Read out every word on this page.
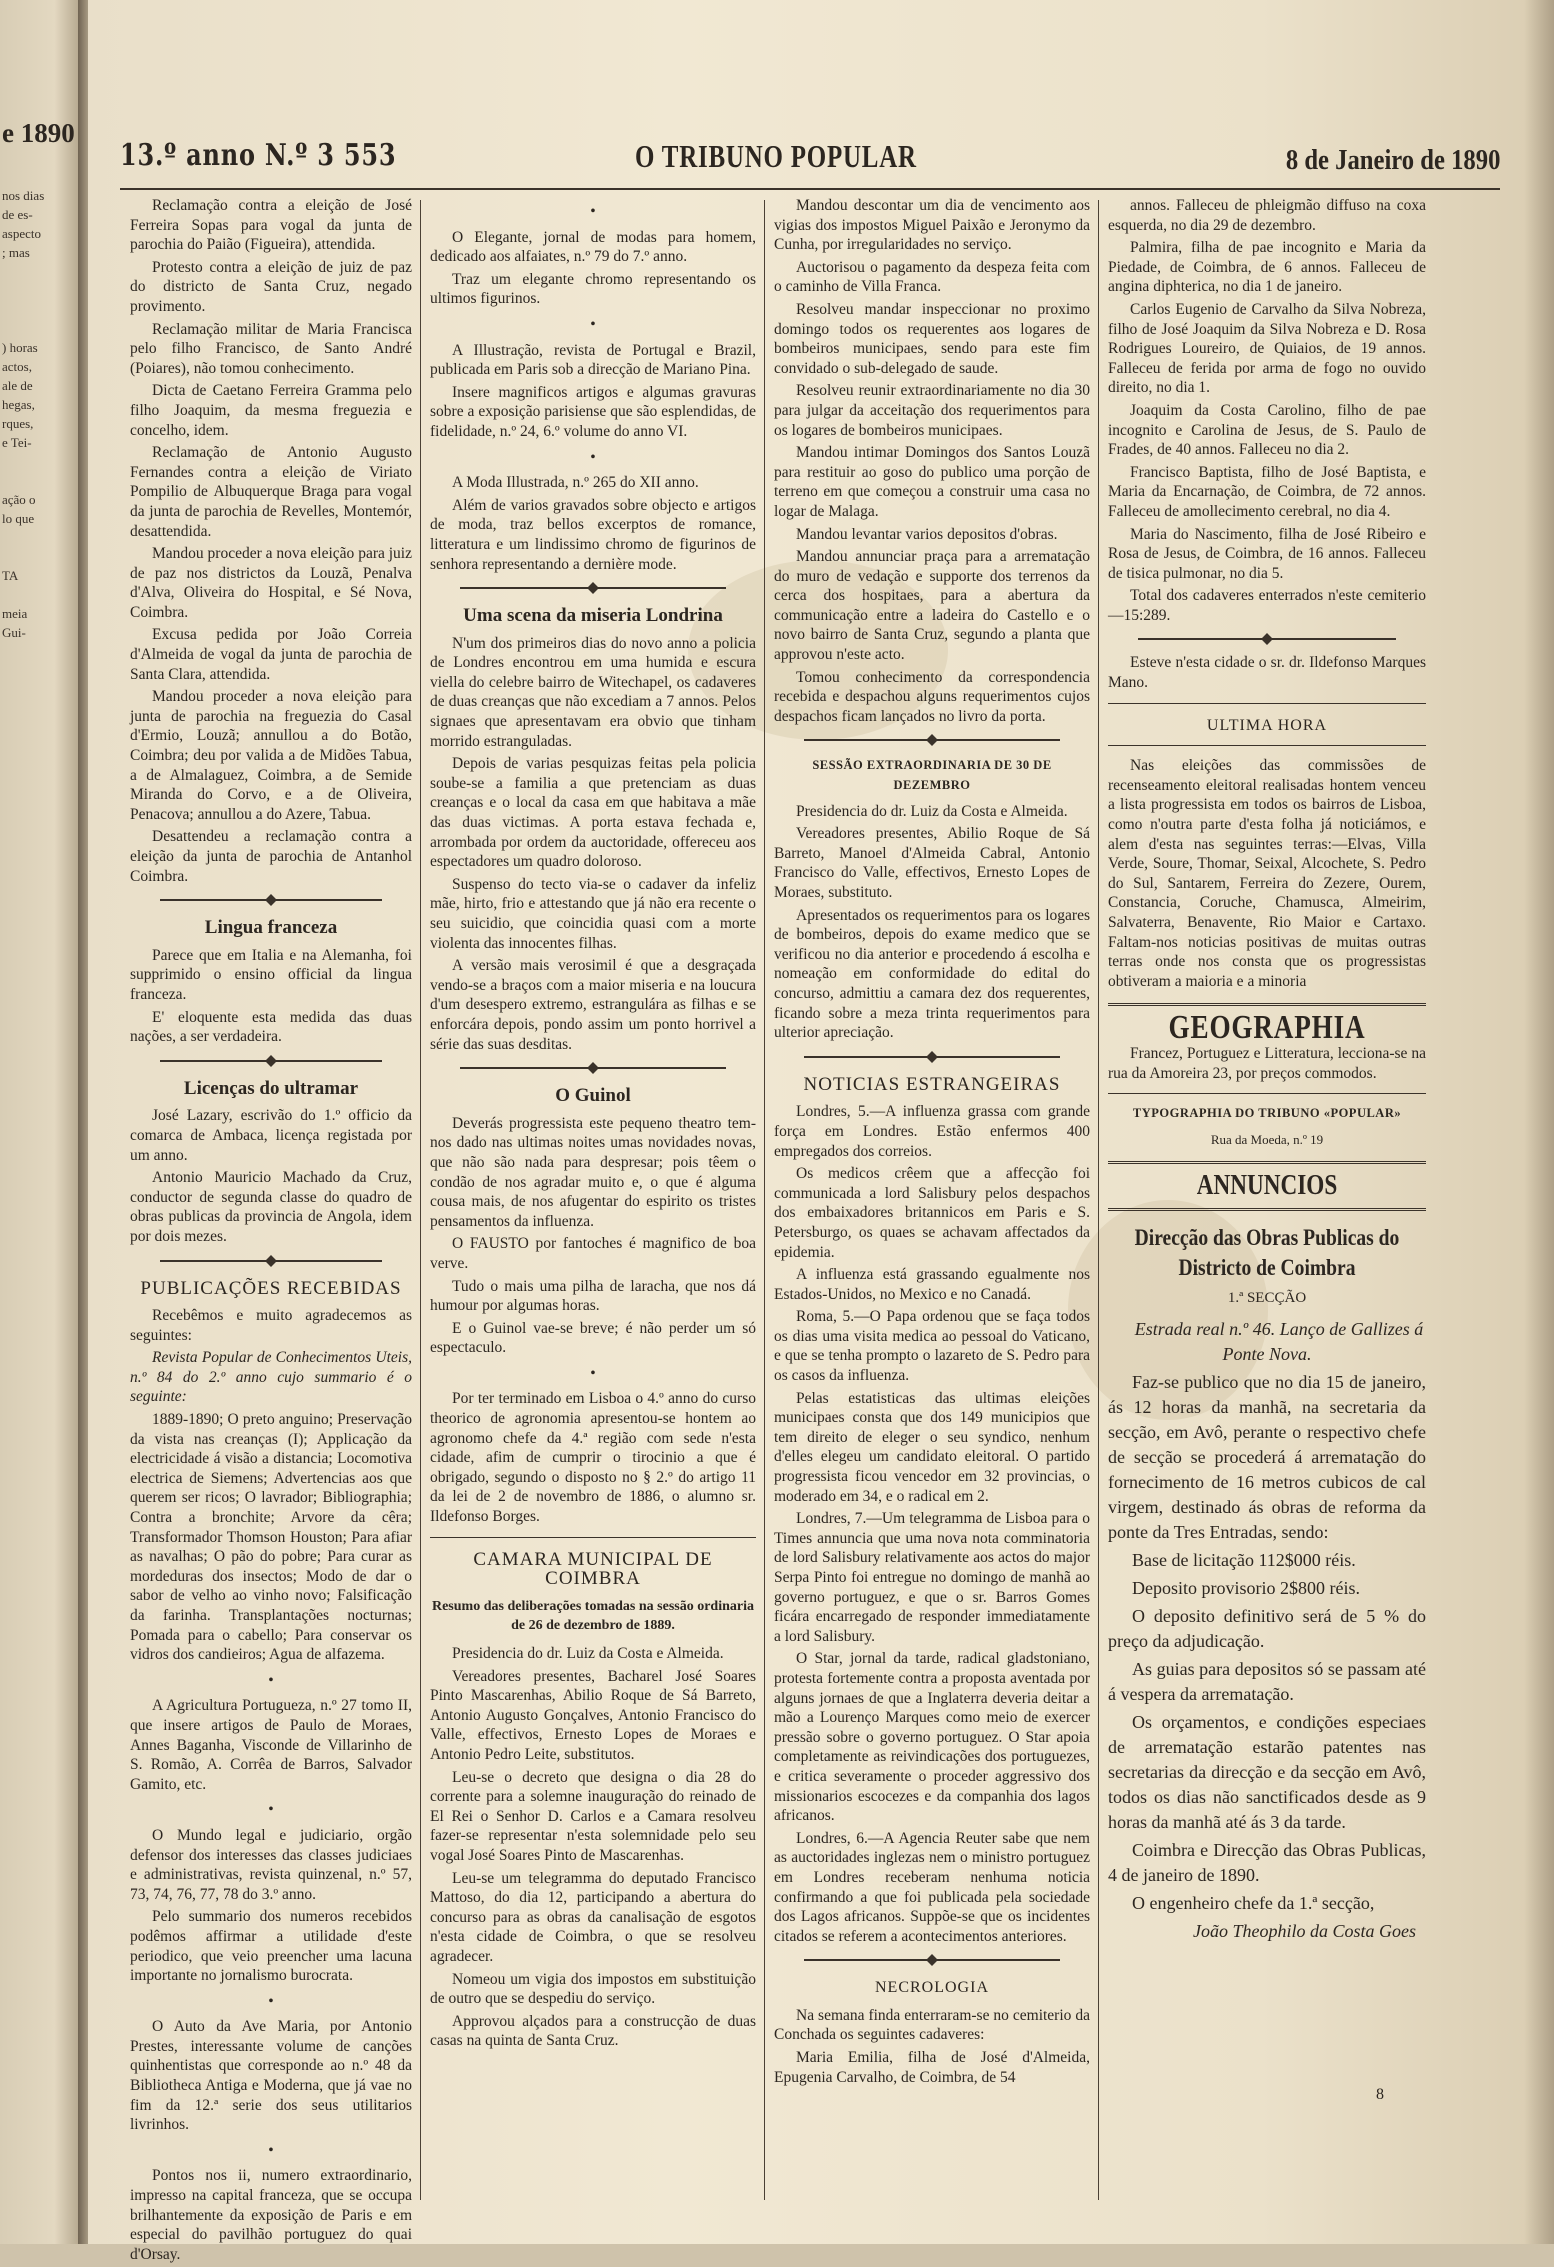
e 1890
nos dias
de es-
aspecto
; mas
) horas
actos,
ale de
hegas,
rques,
e Tei-
ação o
lo que
TA
meia
Gui-
13.º anno N.º 3 553	O TRIBUNO POPULAR	8 de Janeiro de 1890

Reclamação contra a eleição de José Ferreira Sopas para vogal da junta de parochia do Paião (Figueira), attendida.

Protesto contra a eleição de juiz de paz do districto de Santa Cruz, negado provimento.

Reclamação militar de Maria Francisca pelo filho Francisco, de Santo André (Poiares), não tomou conhecimento.

Dicta de Caetano Ferreira Gramma pelo filho Joaquim, da mesma freguezia e concelho, idem.

Reclamação de Antonio Augusto Fernandes contra a eleição de Viriato Pompilio de Albuquerque Braga para vogal da junta de parochia de Revelles, Montemór, desattendida.

Mandou proceder a nova eleição para juiz de paz nos districtos da Louzã, Penalva d'Alva, Oliveira do Hospital, e Sé Nova, Coimbra.

Excusa pedida por João Correia d'Almeida de vogal da junta de parochia de Santa Clara, attendida.

Mandou proceder a nova eleição para junta de parochia na freguezia do Casal d'Ermio, Louzã; annullou a do Botão, Coimbra; deu por valida a de Midões Tabua, a de Almalaguez, Coimbra, a de Semide Miranda do Corvo, e a de Oliveira, Penacova; annullou a do Azere, Tabua.

Desattendeu a reclamação contra a eleição da junta de parochia de Antanhol Coimbra.

Lingua franceza

Parece que em Italia e na Alemanha, foi supprimido o ensino official da lingua franceza.

E' eloquente esta medida das duas nações, a ser verdadeira.

Licenças do ultramar

José Lazary, escrivão do 1.º officio da comarca de Ambaca, licença registada por um anno.

Antonio Mauricio Machado da Cruz, conductor de segunda classe do quadro de obras publicas da provincia de Angola, idem por dois mezes.

PUBLICAÇÕES RECEBIDAS

Recebêmos e muito agradecemos as seguintes:

Revista Popular de Conhecimentos Uteis, n.º 84 do 2.º anno cujo summario é o seguinte:

1889-1890; O preto anguino; Preservação da vista nas creanças (I); Applicação da electricidade á visão a distancia; Locomotiva electrica de Siemens; Advertencias aos que querem ser ricos; O lavrador; Bibliographia; Contra a bronchite; Arvore da cêra; Transformador Thomson Houston; Para afiar as navalhas; O pão do pobre; Para curar as mordeduras dos insectos; Modo de dar o sabor de velho ao vinho novo; Falsificação da farinha. Transplantações nocturnas; Pomada para o cabello; Para conservar os vidros dos candieiros; Agua de alfazema.

•

A Agricultura Portugueza, n.º 27 tomo II, que insere artigos de Paulo de Moraes, Annes Baganha, Visconde de Villarinho de S. Romão, A. Corrêa de Barros, Salvador Gamito, etc.

•

O Mundo legal e judiciario, orgão defensor dos interesses das classes judiciaes e administrativas, revista quinzenal, n.º 57, 73, 74, 76, 77, 78 do 3.º anno.

Pelo summario dos numeros recebidos podêmos affirmar a utilidade d'este periodico, que veio preencher uma lacuna importante no jornalismo burocrata.

•

O Auto da Ave Maria, por Antonio Prestes, interessante volume de canções quinhentistas que corresponde ao n.º 48 da Bibliotheca Antiga e Moderna, que já vae no fim da 12.ª serie dos seus utilitarios livrinhos.

•

Pontos nos ii, numero extraordinario, impresso na capital franceza, que se occupa brilhantemente da exposição de Paris e em especial do pavilhão portuguez do quai d'Orsay.

•

O Elegante, jornal de modas para homem, dedicado aos alfaiates, n.º 79 do 7.º anno.

Traz um elegante chromo representando os ultimos figurinos.

•

A Illustração, revista de Portugal e Brazil, publicada em Paris sob a direcção de Mariano Pina.

Insere magnificos artigos e algumas gravuras sobre a exposição parisiense que são esplendidas, de fidelidade, n.º 24, 6.º volume do anno VI.

•

A Moda Illustrada, n.º 265 do XII anno.

Além de varios gravados sobre objecto e artigos de moda, traz bellos excerptos de romance, litteratura e um lindissimo chromo de figurinos de senhora representando a dernière mode.

Uma scena da miseria Londrina

N'um dos primeiros dias do novo anno a policia de Londres encontrou em uma humida e escura viella do celebre bairro de Witechapel, os cadaveres de duas creanças que não excediam a 7 annos. Pelos signaes que apresentavam era obvio que tinham morrido estranguladas.

Depois de varias pesquizas feitas pela policia soube-se a familia a que pretenciam as duas creanças e o local da casa em que habitava a mãe das duas victimas. A porta estava fechada e, arrombada por ordem da auctoridade, offereceu aos espectadores um quadro doloroso.

Suspenso do tecto via-se o cadaver da infeliz mãe, hirto, frio e attestando que já não era recente o seu suicidio, que coincidia quasi com a morte violenta das innocentes filhas.

A versão mais verosimil é que a desgraçada vendo-se a braços com a maior miseria e na loucura d'um desespero extremo, estrangulára as filhas e se enforcára depois, pondo assim um ponto horrivel a série das suas desditas.

O Guinol

Deverás progressista este pequeno theatro tem-nos dado nas ultimas noites umas novidades novas, que não são nada para despresar; pois têem o condão de nos agradar muito e, o que é alguma cousa mais, de nos afugentar do espirito os tristes pensamentos da influenza.

O FAUSTO por fantoches é magnifico de boa verve.

Tudo o mais uma pilha de laracha, que nos dá humour por algumas horas.

E o Guinol vae-se breve; é não perder um só espectaculo.

•

Por ter terminado em Lisboa o 4.º anno do curso theorico de agronomia apresentou-se hontem ao agronomo chefe da 4.ª região com sede n'esta cidade, afim de cumprir o tirocinio a que é obrigado, segundo o disposto no § 2.º do artigo 11 da lei de 2 de novembro de 1886, o alumno sr. Ildefonso Borges.

CAMARA MUNICIPAL DE COIMBRA
Resumo das deliberações tomadas na sessão ordinaria de 26 de dezembro de 1889.

Presidencia do dr. Luiz da Costa e Almeida.

Vereadores presentes, Bacharel José Soares Pinto Mascarenhas, Abilio Roque de Sá Barreto, Antonio Augusto Gonçalves, Antonio Francisco do Valle, effectivos, Ernesto Lopes de Moraes e Antonio Pedro Leite, substitutos.

Leu-se o decreto que designa o dia 28 do corrente para a solemne inauguração do reinado de El Rei o Senhor D. Carlos e a Camara resolveu fazer-se representar n'esta solemnidade pelo seu vogal José Soares Pinto de Mascarenhas.

Leu-se um telegramma do deputado Francisco Mattoso, do dia 12, participando a abertura do concurso para as obras da canalisação de esgotos n'esta cidade de Coimbra, o que se resolveu agradecer.

Nomeou um vigia dos impostos em substituição de outro que se despediu do serviço.

Approvou alçados para a construcção de duas casas na quinta de Santa Cruz.

Mandou descontar um dia de vencimento aos vigias dos impostos Miguel Paixão e Jeronymo da Cunha, por irregularidades no serviço.

Auctorisou o pagamento da despeza feita com o caminho de Villa Franca.

Resolveu mandar inspeccionar no proximo domingo todos os requerentes aos logares de bombeiros municipaes, sendo para este fim convidado o sub-delegado de saude.

Resolveu reunir extraordinariamente no dia 30 para julgar da acceitação dos requerimentos para os logares de bombeiros municipaes.

Mandou intimar Domingos dos Santos Louzã para restituir ao goso do publico uma porção de terreno em que começou a construir uma casa no logar de Malaga.

Mandou levantar varios depositos d'obras.

Mandou annunciar praça para a arrematação do muro de vedação e supporte dos terrenos da cerca dos hospitaes, para a abertura da communicação entre a ladeira do Castello e o novo bairro de Santa Cruz, segundo a planta que approvou n'este acto.

Tomou conhecimento da correspondencia recebida e despachou alguns requerimentos cujos despachos ficam lançados no livro da porta.

SESSÃO EXTRAORDINARIA DE 30 DE DEZEMBRO

Presidencia do dr. Luiz da Costa e Almeida.

Vereadores presentes, Abilio Roque de Sá Barreto, Manoel d'Almeida Cabral, Antonio Francisco do Valle, effectivos, Ernesto Lopes de Moraes, substituto.

Apresentados os requerimentos para os logares de bombeiros, depois do exame medico que se verificou no dia anterior e procedendo á escolha e nomeação em conformidade do edital do concurso, admittiu a camara dez dos requerentes, ficando sobre a meza trinta requerimentos para ulterior apreciação.

NOTICIAS ESTRANGEIRAS

Londres, 5.—A influenza grassa com grande força em Londres. Estão enfermos 400 empregados dos correios.

Os medicos crêem que a affecção foi communicada a lord Salisbury pelos despachos dos embaixadores britannicos em Paris e S. Petersburgo, os quaes se achavam affectados da epidemia.

A influenza está grassando egualmente nos Estados-Unidos, no Mexico e no Canadá.

Roma, 5.—O Papa ordenou que se faça todos os dias uma visita medica ao pessoal do Vaticano, e que se tenha prompto o lazareto de S. Pedro para os casos da influenza.

Pelas estatisticas das ultimas eleições municipaes consta que dos 149 municipios que tem direito de eleger o seu syndico, nenhum d'elles elegeu um candidato eleitoral. O partido progressista ficou vencedor em 32 provincias, o moderado em 34, e o radical em 2.

Londres, 7.—Um telegramma de Lisboa para o Times annuncia que uma nova nota comminatoria de lord Salisbury relativamente aos actos do major Serpa Pinto foi entregue no domingo de manhã ao governo portuguez, e que o sr. Barros Gomes ficára encarregado de responder immediatamente a lord Salisbury.

O Star, jornal da tarde, radical gladstoniano, protesta fortemente contra a proposta aventada por alguns jornaes de que a Inglaterra deveria deitar a mão a Lourenço Marques como meio de exercer pressão sobre o governo portuguez. O Star apoia completamente as reivindicações dos portuguezes, e critica severamente o proceder aggressivo dos missionarios escocezes e da companhia dos lagos africanos.

Londres, 6.—A Agencia Reuter sabe que nem as auctoridades inglezas nem o ministro portuguez em Londres receberam nenhuma noticia confirmando a que foi publicada pela sociedade dos Lagos africanos. Suppõe-se que os incidentes citados se referem a acontecimentos anteriores.

NECROLOGIA

Na semana finda enterraram-se no cemiterio da Conchada os seguintes cadaveres:

Maria Emilia, filha de José d'Almeida, Epugenia Carvalho, de Coimbra, de 54

annos. Falleceu de phleigmão diffuso na coxa esquerda, no dia 29 de dezembro.

Palmira, filha de pae incognito e Maria da Piedade, de Coimbra, de 6 annos. Falleceu de angina diphterica, no dia 1 de janeiro.

Carlos Eugenio de Carvalho da Silva Nobreza, filho de José Joaquim da Silva Nobreza e D. Rosa Rodrigues Loureiro, de Quiaios, de 19 annos. Falleceu de ferida por arma de fogo no ouvido direito, no dia 1.

Joaquim da Costa Carolino, filho de pae incognito e Carolina de Jesus, de S. Paulo de Frades, de 40 annos. Falleceu no dia 2.

Francisco Baptista, filho de José Baptista, e Maria da Encarnação, de Coimbra, de 72 annos. Falleceu de amollecimento cerebral, no dia 4.

Maria do Nascimento, filha de José Ribeiro e Rosa de Jesus, de Coimbra, de 16 annos. Falleceu de tisica pulmonar, no dia 5.

Total dos cadaveres enterrados n'este cemiterio—15:289.

Esteve n'esta cidade o sr. dr. Ildefonso Marques Mano.

ULTIMA HORA

Nas eleições das commissões de recenseamento eleitoral realisadas hontem venceu a lista progressista em todos os bairros de Lisboa, como n'outra parte d'esta folha já noticiámos, e alem d'esta nas seguintes terras:—Elvas, Villa Verde, Soure, Thomar, Seixal, Alcochete, S. Pedro do Sul, Santarem, Ferreira do Zezere, Ourem, Constancia, Coruche, Chamusca, Almeirim, Salvaterra, Benavente, Rio Maior e Cartaxo. Faltam-nos noticias positivas de muitas outras terras onde nos consta que os progressistas obtiveram a maioria e a minoria

GEOGRAPHIA

Francez, Portuguez e Litteratura, lecciona-se na rua da Amoreira 23, por preços commodos.

TYPOGRAPHIA DO TRIBUNO «POPULAR»
Rua da Moeda, n.º 19
ANNUNCIOS
Direcção das Obras Publicas do Districto de Coimbra
1.ª SECÇÃO

Estrada real n.º 46. Lanço de Gallizes á Ponte Nova.

Faz-se publico que no dia 15 de janeiro, ás 12 horas da manhã, na secretaria da secção, em Avô, perante o respectivo chefe de secção se procederá á arrematação do fornecimento de 16 metros cubicos de cal virgem, destinado ás obras de reforma da ponte da Tres Entradas, sendo:

Base de licitação 112$000 réis.

Deposito provisorio 2$800 réis.

O deposito definitivo será de 5 % do preço da adjudicação.

As guias para depositos só se passam até á vespera da arrematação.

Os orçamentos, e condições especiaes de arrematação estarão patentes nas secretarias da direcção e da secção em Avô, todos os dias não sanctificados desde as 9 horas da manhã até ás 3 da tarde.

Coimbra e Direcção das Obras Publicas, 4 de janeiro de 1890.

O engenheiro chefe da 1.ª secção,

João Theophilo da Costa Goes

8
